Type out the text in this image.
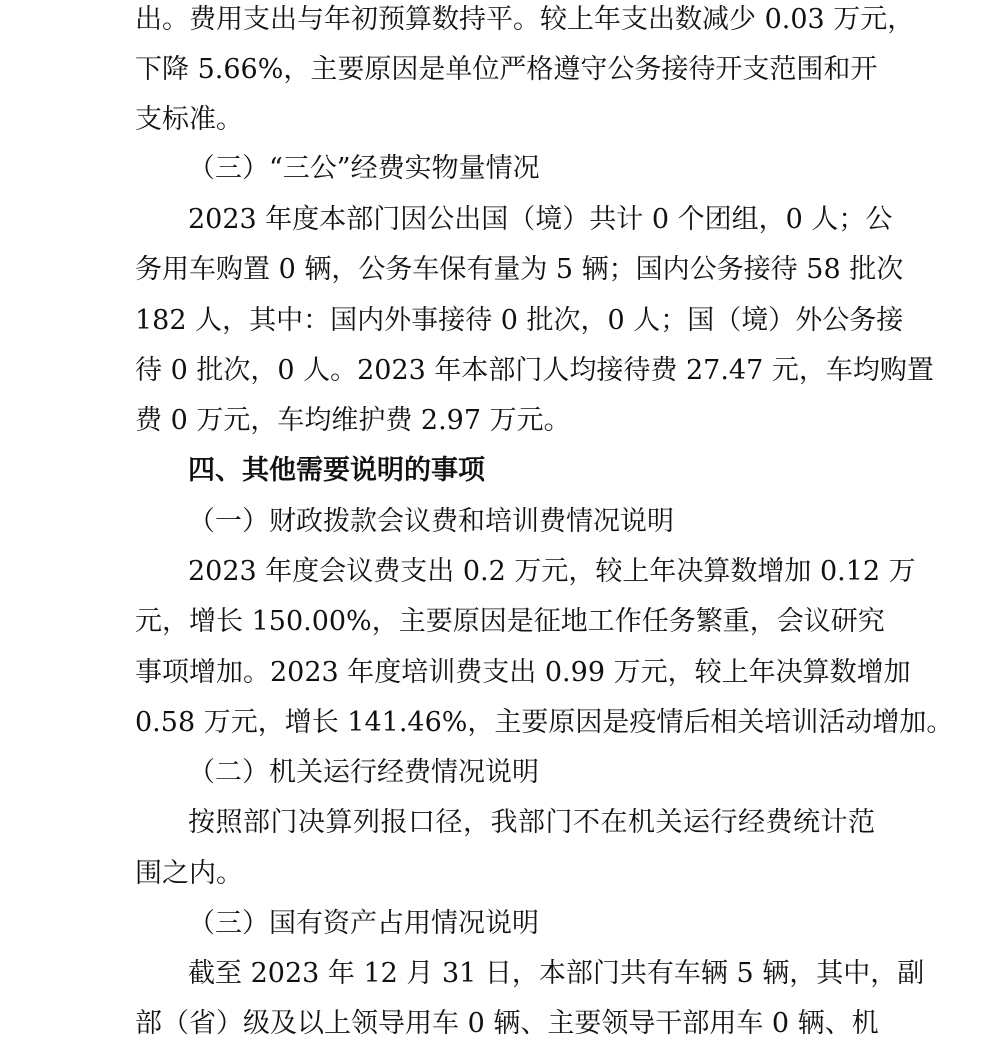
出。费用支出与年初预算数持平。较上年支出数减少 0.03 万元，
下降 5.66%，主要原因是单位严格遵守公务接待开支范围和开
支标准。
（三）“三公”经费实物量情况
2023 年度本部门因公出国（境）共计 0 个团组，0 人；公
务用车购置 0 辆，公务车保有量为 5 辆；国内公务接待 58 批次
182 人，其中：国内外事接待 0 批次，0 人；国（境）外公务接
待 0 批次，0 人。2023 年本部门人均接待费 27.47 元，车均购置
费 0 万元，车均维护费 2.97 万元。
四、其他需要说明的事项
（一）财政拨款会议费和培训费情况说明
2023 年度会议费支出 0.2 万元，较上年决算数增加 0.12 万
元，增长 150.00%，主要原因是征地工作任务繁重，会议研究
事项增加。2023 年度培训费支出 0.99 万元，较上年决算数增加
0.58 万元，增长 141.46%，主要原因是疫情后相关培训活动增加。
（二）机关运行经费情况说明
按照部门决算列报口径，我部门不在机关运行经费统计范
围之内。
（三）国有资产占用情况说明
截至 2023 年 12 月 31 日，本部门共有车辆 5 辆，其中，副
部（省）级及以上领导用车 0 辆、主要领导干部用车 0 辆、机
